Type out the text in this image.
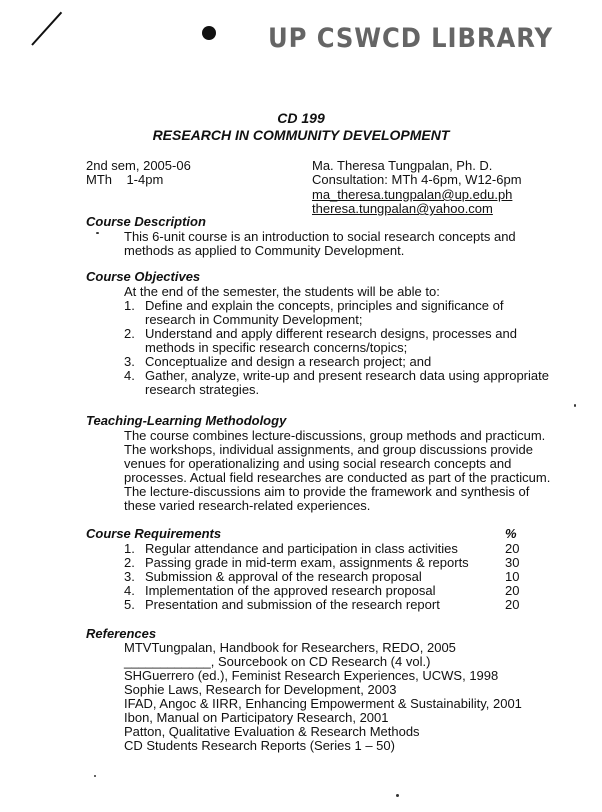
UP CSWCD LIBRARY
CD 199
RESEARCH IN COMMUNITY DEVELOPMENT
2nd sem, 2005-06
MTh    1-4pm
Ma. Theresa Tungpalan, Ph. D.
Consultation: MTh 4-6pm, W12-6pm
ma_theresa.tungpalan@up.edu.ph
theresa.tungpalan@yahoo.com
Course Description
This 6-unit course is an introduction to social research concepts and
methods as applied to Community Development.
Course Objectives
At the end of the semester, the students will be able to:
1. Define and explain the concepts, principles and significance of
research in Community Development;
2. Understand and apply different research designs, processes and
methods in specific research concerns/topics;
3. Conceptualize and design a research project; and
4. Gather, analyze, write-up and present research data using appropriate
research strategies.
Teaching-Learning Methodology
The course combines lecture-discussions, group methods and practicum.
The workshops, individual assignments, and group discussions provide
venues for operationalizing and using social research concepts and
processes. Actual field researches are conducted as part of the practicum.
The lecture-discussions aim to provide the framework and synthesis of
these varied research-related experiences.
Course Requirements	%
1. Regular attendance and participation in class activities	20
2. Passing grade in mid-term exam, assignments & reports	30
3. Submission & approval of the research proposal	10
4. Implementation of the approved research proposal	20
5. Presentation and submission of the research report	20
References
MTVTungpalan, Handbook for Researchers, REDO, 2005
____________, Sourcebook on CD Research (4 vol.)
SHGuerrero (ed.), Feminist Research Experiences, UCWS, 1998
Sophie Laws, Research for Development, 2003
IFAD, Angoc & IIRR, Enhancing Empowerment & Sustainability, 2001
Ibon, Manual on Participatory Research, 2001
Patton, Qualitative Evaluation & Research Methods
CD Students Research Reports (Series 1 – 50)
